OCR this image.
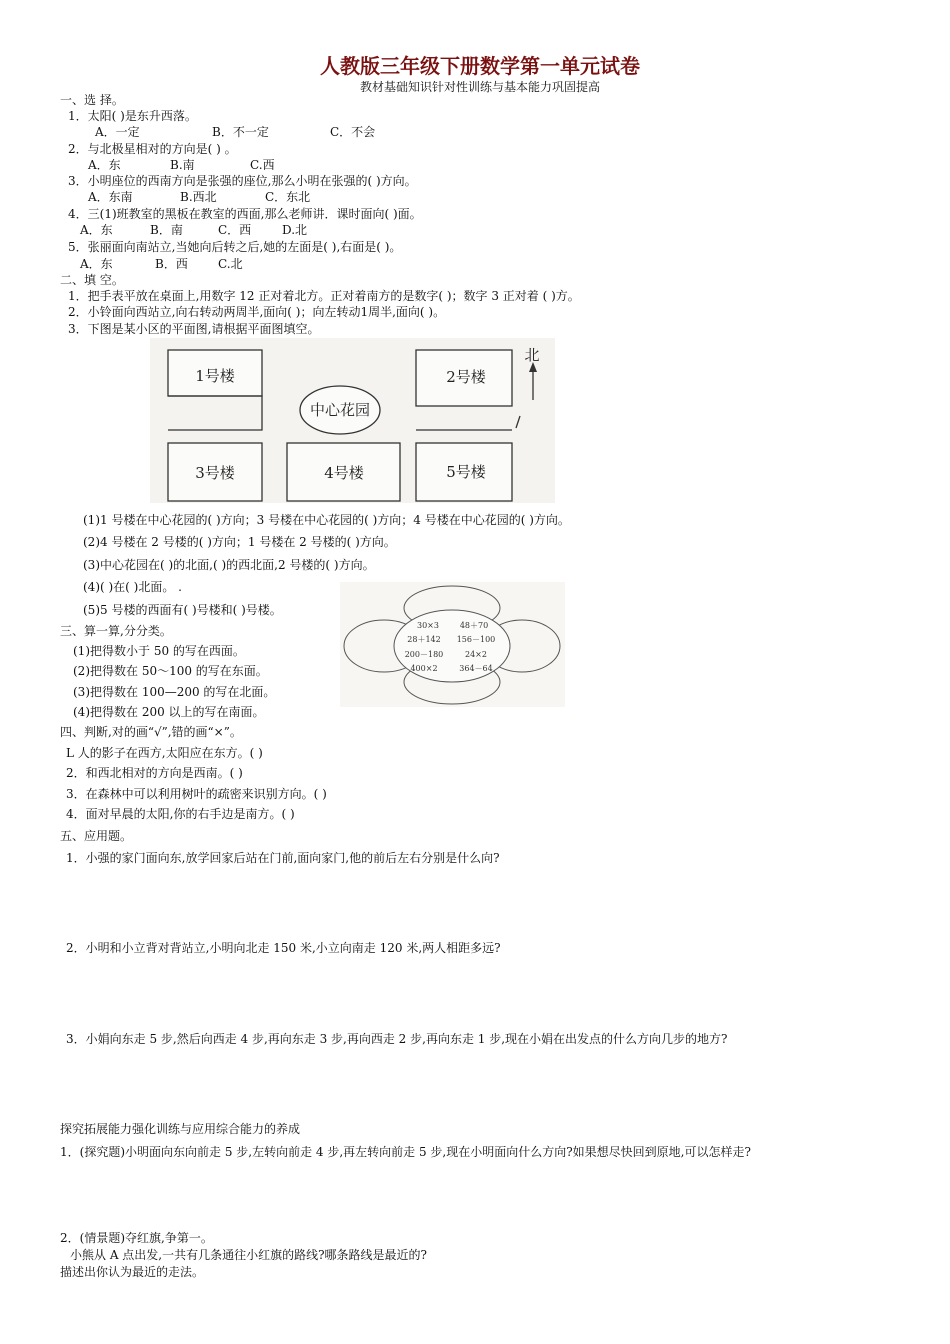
人教版三年级下册数学第一单元试卷
教材基础知识针对性训练与基本能力巩固提高
一、选 择。
1．太阳( )是东升西落。
A．一定	B．不一定	C．不会
2．与北极星相对的方向是( ) 。
A．东	B.南	C.西
3．小明座位的西南方向是张强的座位,那么小明在张强的( )方向。
A．东南	B.西北	C．东北
4．三(1)班教室的黑板在教室的西面,那么老师讲．课时面向( )面。
A．东	B．南	C．西	D.北
5．张丽面向南站立,当她向后转之后,她的左面是( ),右面是( )。
A．东	B．西	C.北
二、填 空。
1．把手表平放在桌面上,用数字 12 正对着北方。正对着南方的是数字( )；数字 3 正对着 ( )方。
2．小铃面向西站立,向右转动两周半,面向( )；向左转动1周半,面向( )。
3．下图是某小区的平面图,请根据平面图填空。
1号楼	2号楼
中心花园
3号楼	4号楼	5号楼
北
(1)1 号楼在中心花园的( )方向；3 号楼在中心花园的( )方向；4 号楼在中心花园的( )方向。
(2)4 号楼在 2 号楼的( )方向；1 号楼在 2 号楼的( )方向。
(3)中心花园在( )的北面,( )的西北面,2 号楼的( )方向。
(4)( )在( )北面。 .
(5)5 号楼的西面有( )号楼和( )号楼。
30×3	48＋70
28＋142 156－100
200－180	24×2
400×2	364－64
三、算一算,分分类。
(1)把得数小于 50 的写在西面。
(2)把得数在 50～100 的写在东面。
(3)把得数在 100—200 的写在北面。
(4)把得数在 200 以上的写在南面。
四、判断,对的画“√”,错的画“×”。
L 人的影子在西方,太阳应在东方。( )
2．和西北相对的方向是西南。( )
3．在森林中可以利用树叶的疏密来识别方向。( )
4．面对早晨的太阳,你的右手边是南方。( )
五、应用题。
1．小强的家门面向东,放学回家后站在门前,面向家门,他的前后左右分别是什么向?
2．小明和小立背对背站立,小明向北走 150 米,小立向南走 120 米,两人相距多远?
3．小娟向东走 5 步,然后向西走 4 步,再向东走 3 步,再向西走 2 步,再向东走 1 步,现在小娟在出发点的什么方向几步的地方?
探究拓展能力强化训练与应用综合能力的养成
1．(探究题)小明面向东向前走 5 步,左转向前走 4 步,再左转向前走 5 步,现在小明面向什么方向?如果想尽快回到原地,可以怎样走?
2．(情景题)夺红旗,争第一。
小熊从 A 点出发,一共有几条通往小红旗的路线?哪条路线是最近的?
描述出你认为最近的走法。
